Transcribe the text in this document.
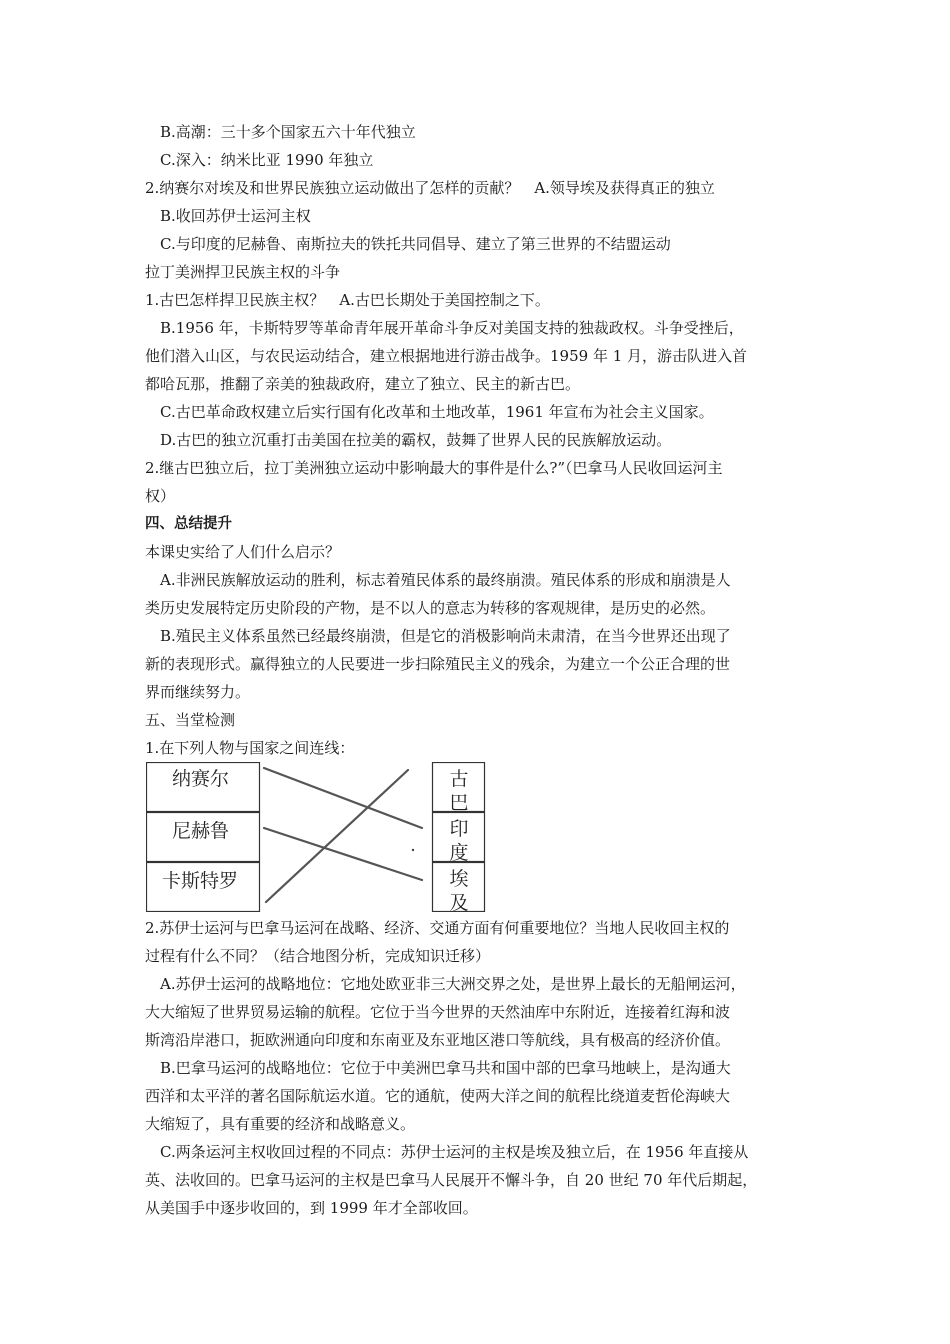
B.高潮：三十多个国家五六十年代独立
C.深入：纳米比亚 1990 年独立
2.纳赛尔对埃及和世界民族独立运动做出了怎样的贡献？　A.领导埃及获得真正的独立
B.收回苏伊士运河主权
C.与印度的尼赫鲁、南斯拉夫的铁托共同倡导、建立了第三世界的不结盟运动
拉丁美洲捍卫民族主权的斗争
1.古巴怎样捍卫民族主权？　A.古巴长期处于美国控制之下。
B.1956 年，卡斯特罗等革命青年展开革命斗争反对美国支持的独裁政权。斗争受挫后，
他们潜入山区，与农民运动结合，建立根据地进行游击战争。1959 年 1 月，游击队进入首
都哈瓦那，推翻了亲美的独裁政府，建立了独立、民主的新古巴。
C.古巴革命政权建立后实行国有化改革和土地改革，1961 年宣布为社会主义国家。
D.古巴的独立沉重打击美国在拉美的霸权，鼓舞了世界人民的民族解放运动。
2.继古巴独立后，拉丁美洲独立运动中影响最大的事件是什么?”（巴拿马人民收回运河主
权）
四、总结提升
本课史实给了人们什么启示？
A.非洲民族解放运动的胜利，标志着殖民体系的最终崩溃。殖民体系的形成和崩溃是人
类历史发展特定历史阶段的产物，是不以人的意志为转移的客观规律，是历史的必然。
B.殖民主义体系虽然已经最终崩溃，但是它的消极影响尚未肃清，在当今世界还出现了
新的表现形式。赢得独立的人民要进一步扫除殖民主义的残余，为建立一个公正合理的世
界而继续努力。
五、当堂检测
1.在下列人物与国家之间连线：
纳赛尔
尼赫鲁
卡斯特罗
古
巴
印
度
埃
及
2.苏伊士运河与巴拿马运河在战略、经济、交通方面有何重要地位？当地人民收回主权的
过程有什么不同？（结合地图分析，完成知识迁移）
A.苏伊士运河的战略地位：它地处欧亚非三大洲交界之处，是世界上最长的无船闸运河，
大大缩短了世界贸易运输的航程。它位于当今世界的天然油库中东附近，连接着红海和波
斯湾沿岸港口，扼欧洲通向印度和东南亚及东亚地区港口等航线，具有极高的经济价值。
B.巴拿马运河的战略地位：它位于中美洲巴拿马共和国中部的巴拿马地峡上，是沟通大
西洋和太平洋的著名国际航运水道。它的通航，使两大洋之间的航程比绕道麦哲伦海峡大
大缩短了，具有重要的经济和战略意义。
C.两条运河主权收回过程的不同点：苏伊士运河的主权是埃及独立后，在 1956 年直接从
英、法收回的。巴拿马运河的主权是巴拿马人民展开不懈斗争，自 20 世纪 70 年代后期起，
从美国手中逐步收回的，到 1999 年才全部收回。
